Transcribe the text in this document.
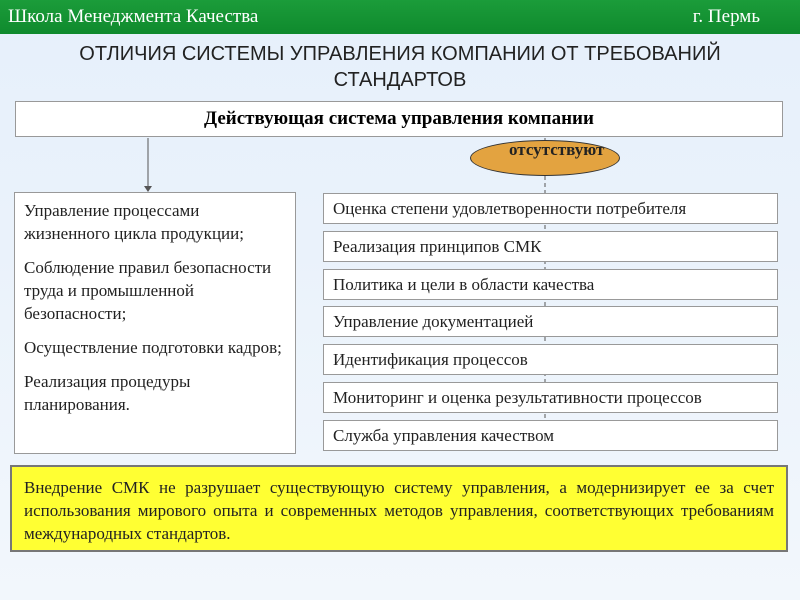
Школа Менеджмента Качества	г. Пермь
ОТЛИЧИЯ СИСТЕМЫ УПРАВЛЕНИЯ КОМПАНИИ ОТ ТРЕБОВАНИЙ
СТАНДАРТОВ
Действующая система управления компании
отсутствуют

Управление процессами жизненного цикла продукции;

Соблюдение правил безопасности труда и промышленной безопасности;

Осуществление подготовки кадров;

Реализация процедуры планирования.

Оценка степени удовлетворенности потребителя
Реализация принципов СМК
Политика и цели в области качества
Управление документацией
Идентификация процессов
Мониторинг и оценка результативности процессов
Служба управления качеством
Внедрение СМК не разрушает существующую систему управления, а модернизирует ее за счет использования мирового опыта и современных методов управления, соответствующих требованиям международных стандартов.
